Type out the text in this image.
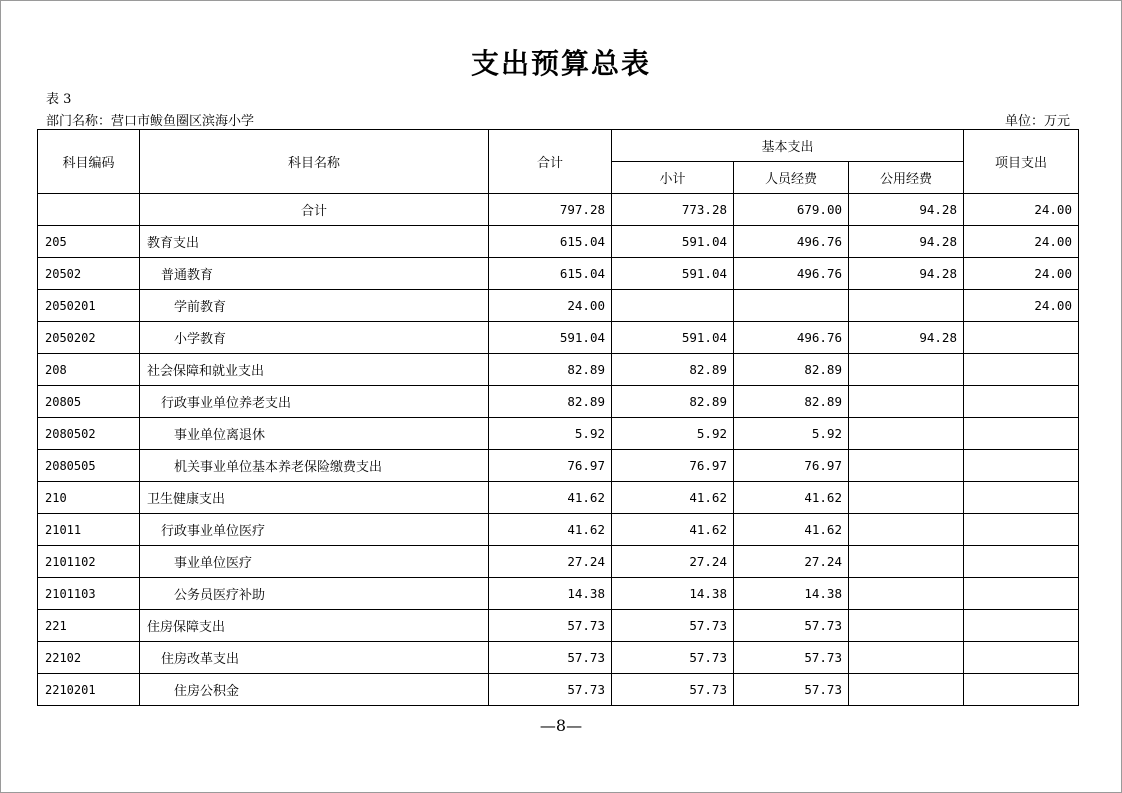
支出预算总表
表 3
部门名称：营口市鲅鱼圈区滨海小学	单位：万元
科目编码	科目名称	合计	基本支出			项目支出
			小计	人员经费	公用经费	
	合计	797.28	773.28	679.00	94.28	24.00
205	教育支出	615.04	591.04	496.76	94.28	24.00
20502	普通教育	615.04	591.04	496.76	94.28	24.00
2050201	学前教育	24.00				24.00
2050202	小学教育	591.04	591.04	496.76	94.28	
208	社会保障和就业支出	82.89	82.89	82.89		
20805	行政事业单位养老支出	82.89	82.89	82.89		
2080502	事业单位离退休	5.92	5.92	5.92		
2080505	机关事业单位基本养老保险缴费支出	76.97	76.97	76.97		
210	卫生健康支出	41.62	41.62	41.62		
21011	行政事业单位医疗	41.62	41.62	41.62		
2101102	事业单位医疗	27.24	27.24	27.24		
2101103	公务员医疗补助	14.38	14.38	14.38		
221	住房保障支出	57.73	57.73	57.73		
22102	住房改革支出	57.73	57.73	57.73		
2210201	住房公积金	57.73	57.73	57.73		
—8—
